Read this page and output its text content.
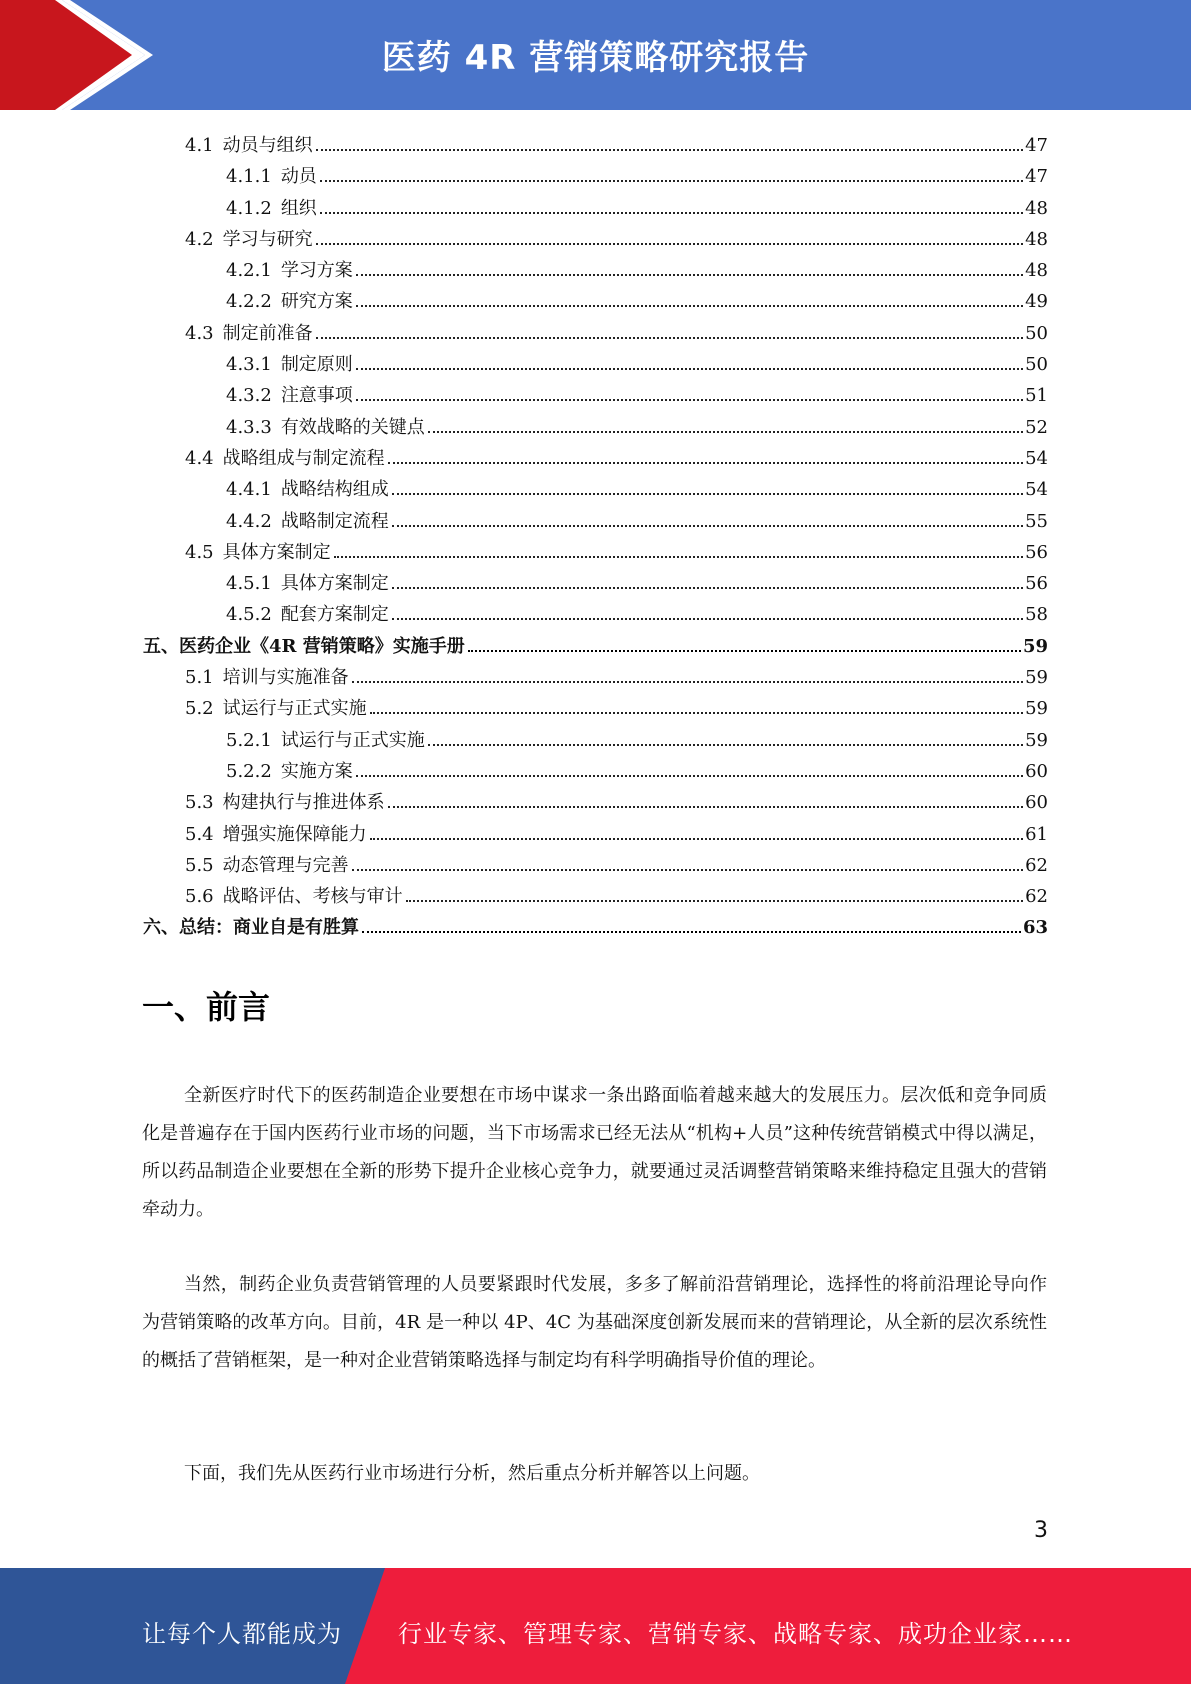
医药 4R 营销策略研究报告
4.1 动员与组织	47
4.1.1 动员	47
4.1.2 组织	48
4.2 学习与研究	48
4.2.1 学习方案	48
4.2.2 研究方案	49
4.3 制定前准备	50
4.3.1 制定原则	50
4.3.2 注意事项	51
4.3.3 有效战略的关键点	52
4.4 战略组成与制定流程	54
4.4.1 战略结构组成	54
4.4.2 战略制定流程	55
4.5 具体方案制定	56
4.5.1 具体方案制定	56
4.5.2 配套方案制定	58
五、医药企业《4R 营销策略》实施手册	59
5.1 培训与实施准备	59
5.2 试运行与正式实施	59
5.2.1 试运行与正式实施	59
5.2.2 实施方案	60
5.3 构建执行与推进体系	60
5.4 增强实施保障能力	61
5.5 动态管理与完善	62
5.6 战略评估、考核与审计	62
六、总结：商业自是有胜算	63
一、前言

全新医疗时代下的医药制造企业要想在市场中谋求一条出路面临着越来越大的发展压力。层次低和竞争同质化是普遍存在于国内医药行业市场的问题，当下市场需求已经无法从“机构+人员”这种传统营销模式中得以满足，所以药品制造企业要想在全新的形势下提升企业核心竞争力，就要通过灵活调整营销策略来维持稳定且强大的营销牵动力。

当然，制药企业负责营销管理的人员要紧跟时代发展，多多了解前沿营销理论，选择性的将前沿理论导向作为营销策略的改革方向。目前，4R 是一种以 4P、4C 为基础深度创新发展而来的营销理论，从全新的层次系统性的概括了营销框架，是一种对企业营销策略选择与制定均有科学明确指导价值的理论。

下面，我们先从医药行业市场进行分析，然后重点分析并解答以上问题。

3
让每个人都能成为 行业专家、管理专家、营销专家、战略专家、成功企业家……
